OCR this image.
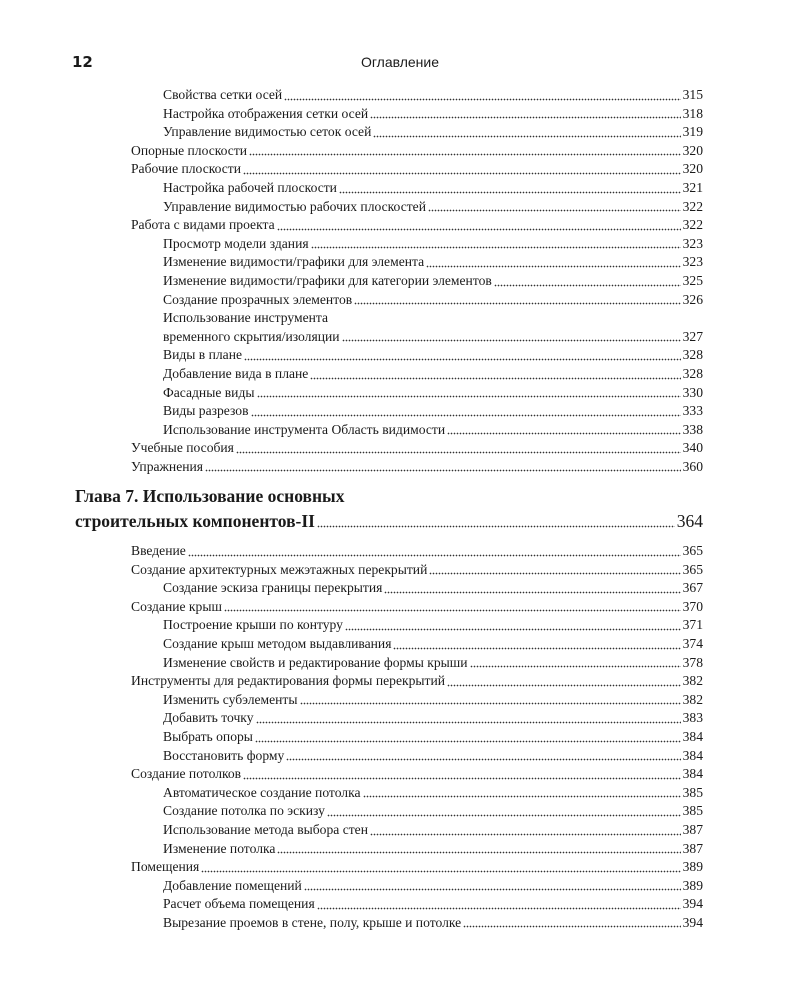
12	Оглавление
Свойства сетки осей	315
Настройка отображения сетки осей	318
Управление видимостью сеток осей	319
Опорные плоскости	320
Рабочие плоскости	320
Настройка рабочей плоскости	321
Управление видимостью рабочих плоскостей	322
Работа с видами проекта	322
Просмотр модели здания	323
Изменение видимости/графики для элемента	323
Изменение видимости/графики для категории элементов	325
Создание прозрачных элементов	326
Использование инструмента
временного скрытия/изоляции	327
Виды в плане	328
Добавление вида в плане	328
Фасадные виды	330
Виды разрезов	333
Использование инструмента Область видимости	338
Учебные пособия	340
Упражнения	360
Глава 7. Использование основных
строительных компонентов-II	364
Введение	365
Создание архитектурных межэтажных перекрытий	365
Создание эскиза границы перекрытия	367
Создание крыш	370
Построение крыши по контуру	371
Создание крыш методом выдавливания	374
Изменение свойств и редактирование формы крыши	378
Инструменты для редактирования формы перекрытий	382
Изменить субэлементы	382
Добавить точку	383
Выбрать опоры	384
Восстановить форму	384
Создание потолков	384
Автоматическое создание потолка	385
Создание потолка по эскизу	385
Использование метода выбора стен	387
Изменение потолка	387
Помещения	389
Добавление помещений	389
Расчет объема помещения	394
Вырезание проемов в стене, полу, крыше и потолке	394
